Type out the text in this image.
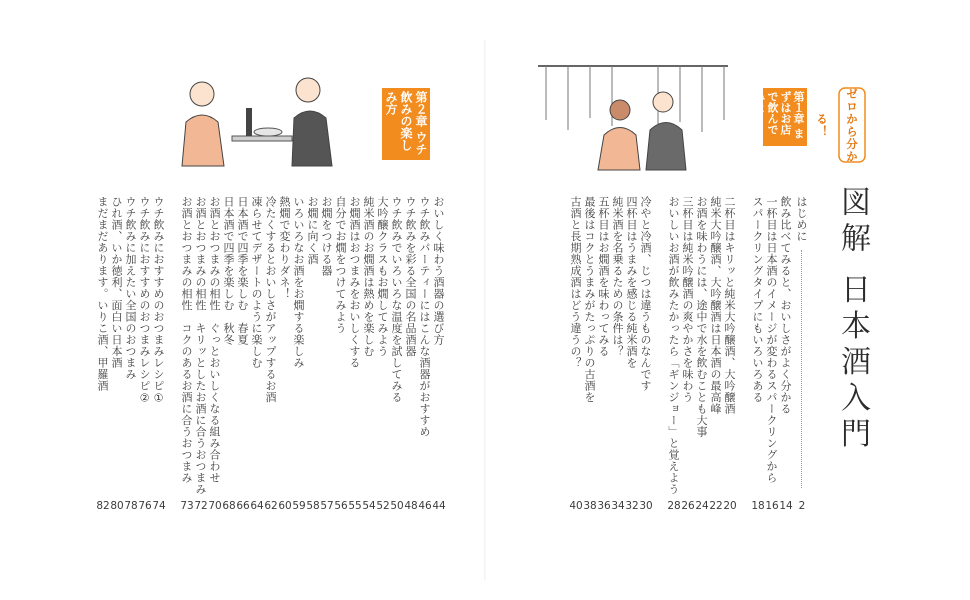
ゼロから分かる！
図解 日本酒入門
はじめに
2
第１章 まずはお店で飲んでみよう
飲み比べてみると、おいしさがよく分かる
一杯目は日本酒のイメージが変わるスパークリングから
スパークリングタイプにもいろいろある
二杯目はキリッと純米大吟醸酒、大吟醸酒
純米大吟醸酒、大吟醸酒は日本酒の最高峰
お酒を味わうには、途中で水を飲むことも大事
三杯目は純米吟醸酒の爽やかさを味わう
おいしいお酒が飲みたかったら「ギンジョー」と覚えよう
冷やと冷酒、じつは違うものなんです
四杯目はうまみを感じる純米酒を
純米酒を名乗るための条件は？
五杯目はお燗酒を味わってみる
最後はコクとうまみがたっぷりの古酒を
古酒と長期熟成酒はどう違うの？
14
16
18
20
22
24
26
28
30
32
34
36
38
40
第２章 ウチ飲みの楽しみ方
おいしく味わう酒器の選び方
ウチ飲みパーティーにはこんな酒器がおすすめ
ウチ飲みを彩る全国の名品酒器
ウチ飲みでいろいろな温度を試してみる
大吟醸クラスもお燗してみよう
純米酒のお燗酒は熱めを楽しむ
お燗酒はおつまみをおいしくする
自分でお燗をつけてみよう
お燗をつける器
お燗に向く酒
いろいろなお酒をお燗する楽しみ
熱燗で変わりダネ！
冷たくするとおいしさがアップするお酒
凍らせてデザートのように楽しむ
日本酒で四季を楽しむ　春夏
日本酒で四季を楽しむ　秋冬
お酒とおつまみの相性　ぐっとおいしくなる組み合わせ
お酒とおつまみの相性　キリッとしたお酒に合うおつまみ
お酒とおつまみの相性　コクのあるお酒に合うおつまみ
ウチ飲みにおすすめのおつまみレシピ①
ウチ飲みにおすすめのおつまみレシピ②
ウチ飲みに加えたい全国のおつまみ
ひれ酒、いか徳利、面白い日本酒
まだまだあります。いりこ酒、甲羅酒
44
46
48
50
52
54
55
56
57
58
59
60
62
64
66
68
70
72
73
74
76
78
80
82
